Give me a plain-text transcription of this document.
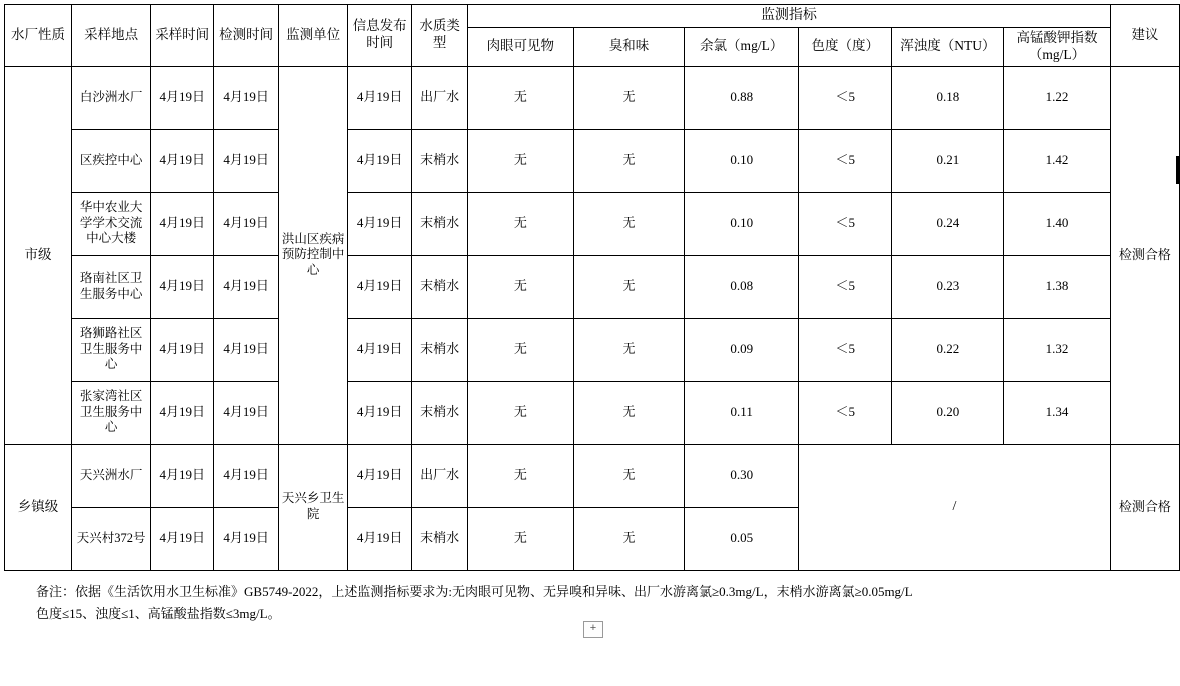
水厂性质	采样地点	采样时间	检测时间	监测单位	信息发布时间	水质类型	监测指标						建议
							肉眼可见物	臭和味	余氯（mg/L）	色度（度）	浑浊度（NTU）	高锰酸钾指数（mg/L）	
市级	白沙洲水厂	4月19日	4月19日	洪山区疾病预防控制中心	4月19日	出厂水	无	无	0.88	＜5	0.18	1.22	检测合格
	区疾控中心	4月19日	4月19日		4月19日	末梢水	无	无	0.10	＜5	0.21	1.42	
	华中农业大学学术交流中心大楼	4月19日	4月19日		4月19日	末梢水	无	无	0.10	＜5	0.24	1.40	
	珞南社区卫生服务中心	4月19日	4月19日		4月19日	末梢水	无	无	0.08	＜5	0.23	1.38	
	珞狮路社区卫生服务中心	4月19日	4月19日		4月19日	末梢水	无	无	0.09	＜5	0.22	1.32	
	张家湾社区卫生服务中心	4月19日	4月19日		4月19日	末梢水	无	无	0.11	＜5	0.20	1.34	
乡镇级	天兴洲水厂	4月19日	4月19日	天兴乡卫生院	4月19日	出厂水	无	无	0.30	/			检测合格
	天兴村372号	4月19日	4月19日		4月19日	末梢水	无	无	0.05				
备注：依据《生活饮用水卫生标准》GB5749-2022，上述监测指标要求为:无肉眼可见物、无异嗅和异味、出厂水游离氯≥0.3mg/L，末梢水游离氯≥0.05mg/L
色度≤15、浊度≤1、高锰酸盐指数≤3mg/L。
+
